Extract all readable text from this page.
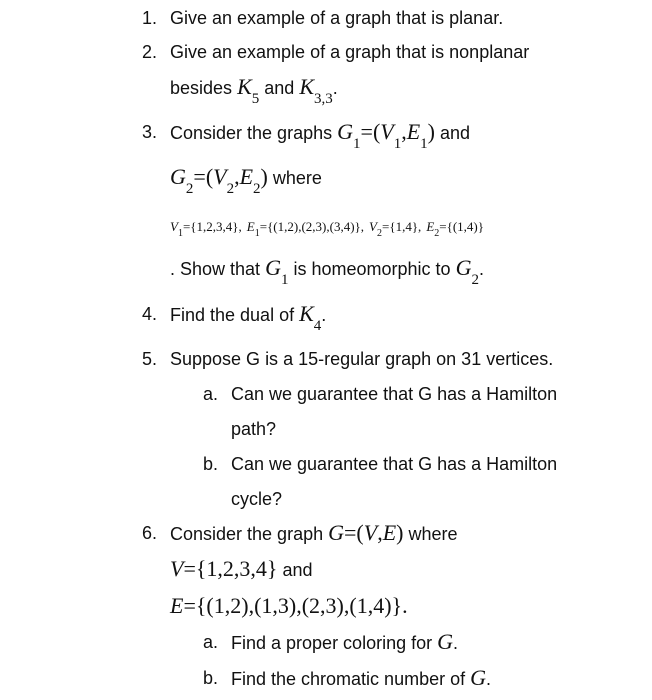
1. Give an example of a graph that is planar.
2. Give an example of a graph that is nonplanar
besides $K_5$ and $K_{3,3}$.
3. Consider the graphs $G_1=(V_1,E_1)$ and
$G_2=(V_2,E_2)$ where
$V_1=\{1,2,3,4\}$, $E_1=\{(1,2),(2,3),(3,4)\}$, $V_2=\{1,4\}$, $E_2=\{(1,4)\}$
. Show that $G_1$ is homeomorphic to $G_2$.
4. Find the dual of $K_4$.
5. Suppose G is a 15-regular graph on 31 vertices.
a. Can we guarantee that G has a Hamilton
path?
b. Can we guarantee that G has a Hamilton
cycle?
6. Consider the graph G=(V,E) where
V={1,2,3,4} and
E={(1,2),(1,3),(2,3),(1,4)}.
a. Find a proper coloring for G.
b. Find the chromatic number of G.
